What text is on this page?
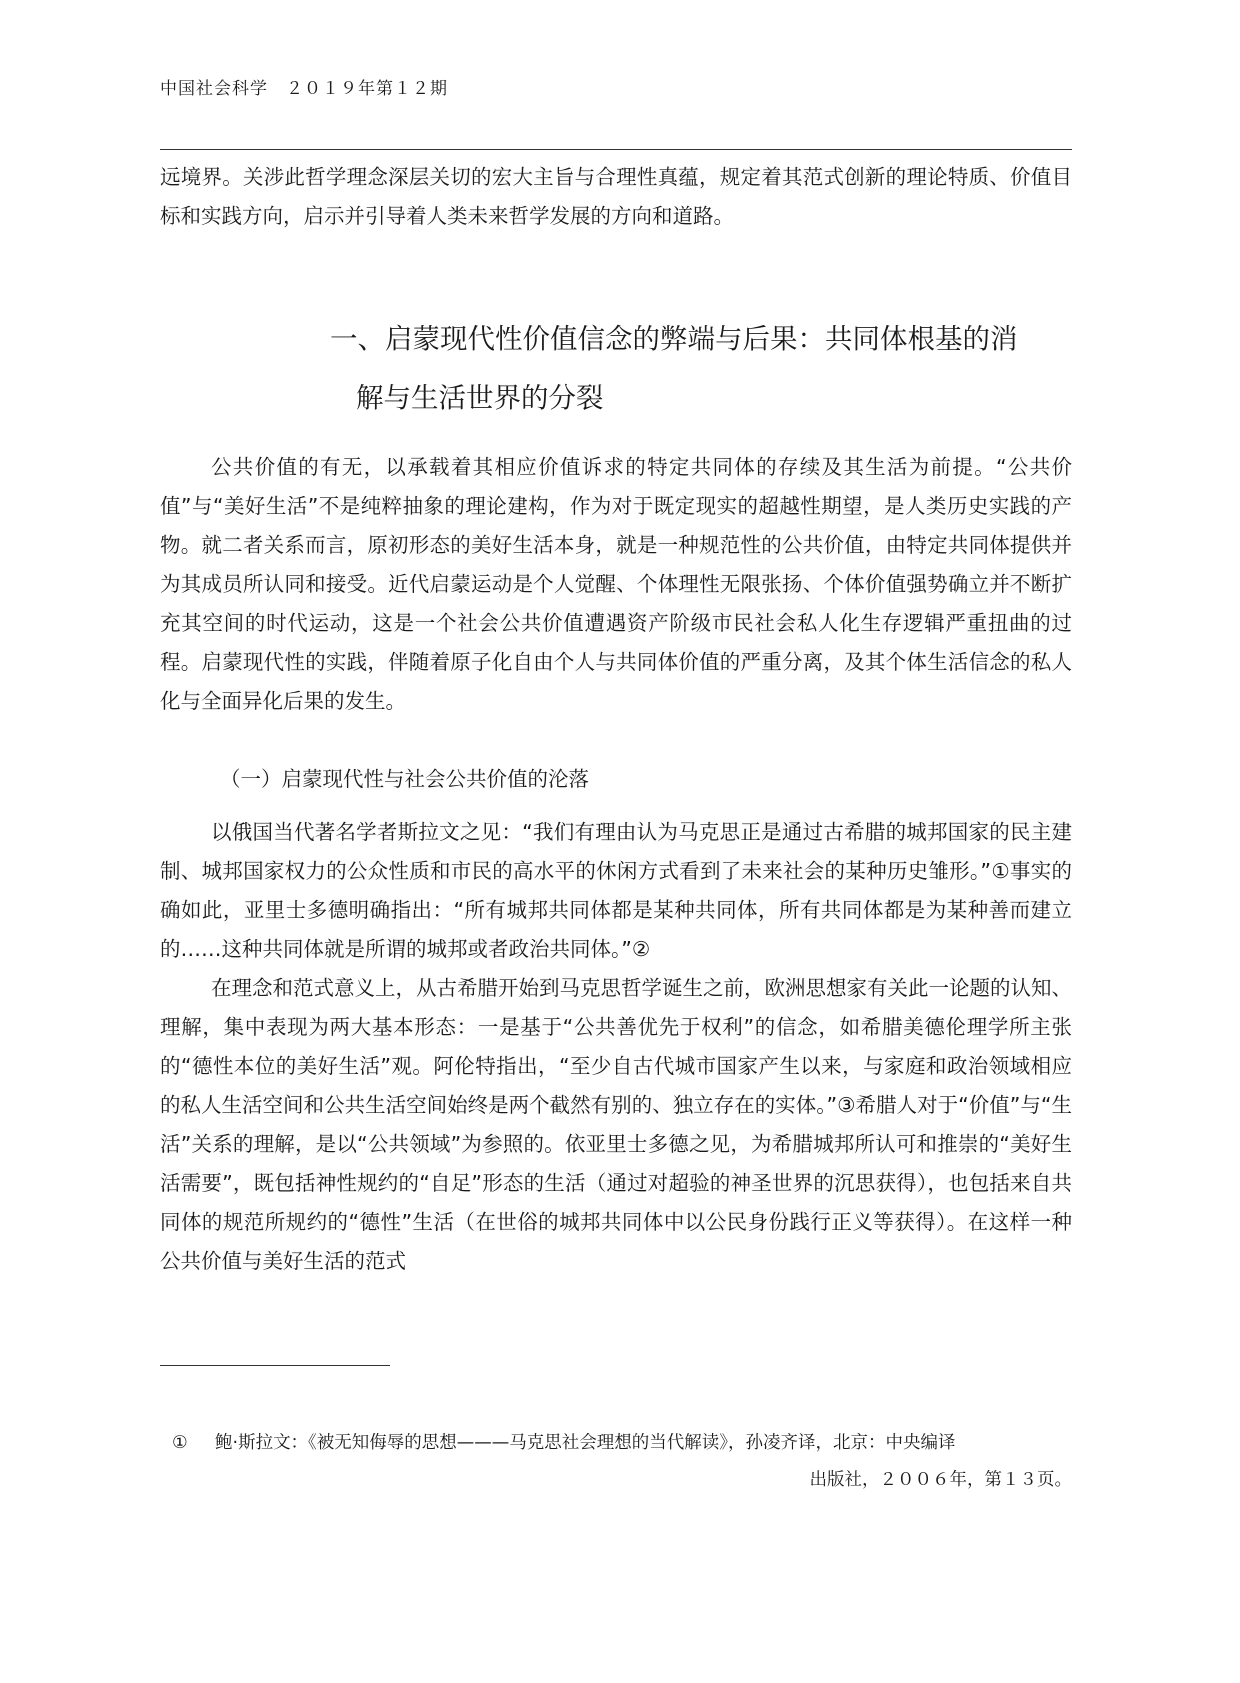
中国社会科学　２０１９年第１２期

远境界。关涉此哲学理念深层关切的宏大主旨与合理性真蕴，规定着其范式创新的理论特质、价值目标和实践方向，启示并引导着人类未来哲学发展的方向和道路。

一、启蒙现代性价值信念的弊端与后果：共同体根基的消
解与生活世界的分裂

公共价值的有无，以承载着其相应价值诉求的特定共同体的存续及其生活为前提。“公共价值”与“美好生活”不是纯粹抽象的理论建构，作为对于既定现实的超越性期望，是人类历史实践的产物。就二者关系而言，原初形态的美好生活本身，就是一种规范性的公共价值，由特定共同体提供并为其成员所认同和接受。近代启蒙运动是个人觉醒、个体理性无限张扬、个体价值强势确立并不断扩充其空间的时代运动，这是一个社会公共价值遭遇资产阶级市民社会私人化生存逻辑严重扭曲的过程。启蒙现代性的实践，伴随着原子化自由个人与共同体价值的严重分离，及其个体生活信念的私人化与全面异化后果的发生。

（一）启蒙现代性与社会公共价值的沦落

以俄国当代著名学者斯拉文之见：“我们有理由认为马克思正是通过古希腊的城邦国家的民主建制、城邦国家权力的公众性质和市民的高水平的休闲方式看到了未来社会的某种历史雏形。”①事实的确如此，亚里士多德明确指出：“所有城邦共同体都是某种共同体，所有共同体都是为某种善而建立的……这种共同体就是所谓的城邦或者政治共同体。”②

在理念和范式意义上，从古希腊开始到马克思哲学诞生之前，欧洲思想家有关此一论题的认知、理解，集中表现为两大基本形态：一是基于“公共善优先于权利”的信念，如希腊美德伦理学所主张的“德性本位的美好生活”观。阿伦特指出，“至少自古代城市国家产生以来，与家庭和政治领域相应的私人生活空间和公共生活空间始终是两个截然有别的、独立存在的实体。”③希腊人对于“价值”与“生活”关系的理解，是以“公共领域”为参照的。依亚里士多德之见，为希腊城邦所认可和推崇的“美好生活需要”，既包括神性规约的“自足”形态的生活（通过对超验的神圣世界的沉思获得），也包括来自共同体的规范所规约的“德性”生活（在世俗的城邦共同体中以公民身份践行正义等获得）。在这样一种公共价值与美好生活的范式

① 鲍·斯拉文：《被无知侮辱的思想———马克思社会理想的当代解读》，孙凌齐译，北京：中央编译
出版社，２００６年，第１３页。
